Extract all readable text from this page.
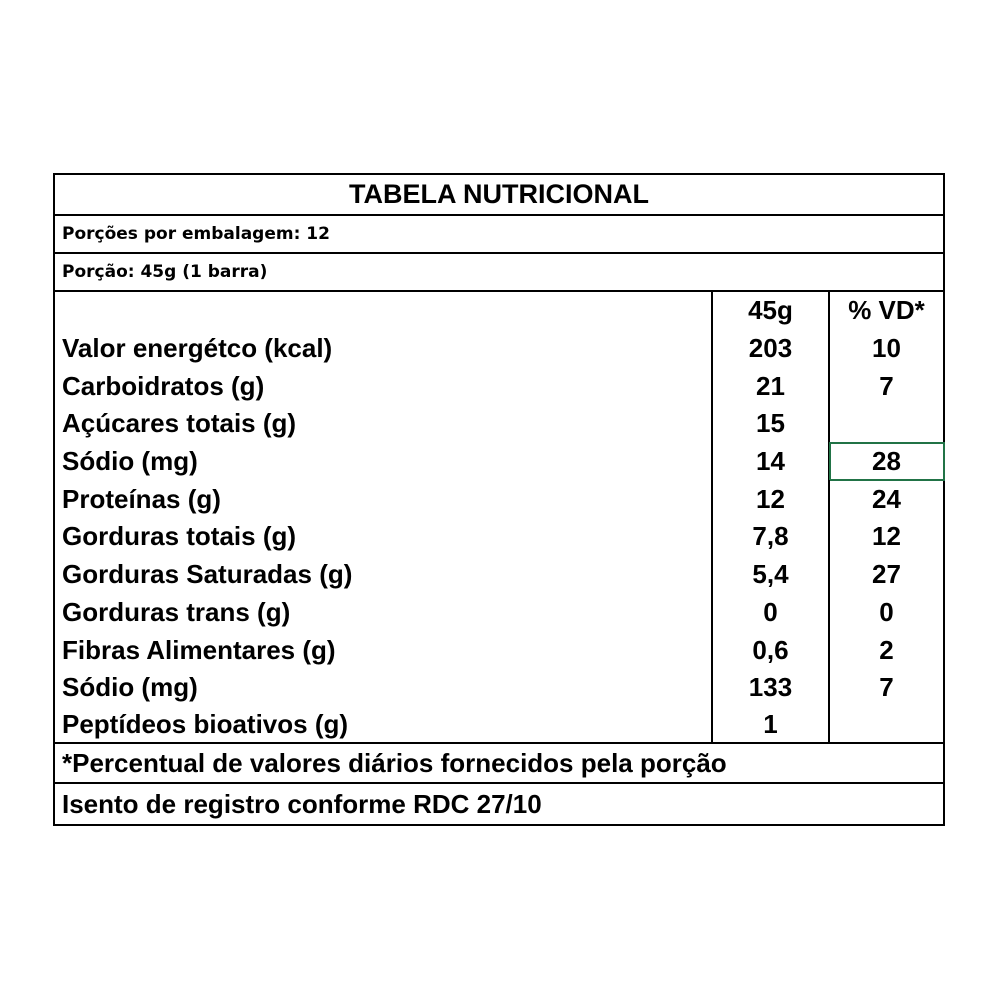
TABELA NUTRICIONAL
Porções por embalagem: 12
Porção: 45g (1 barra)
45g	% VD*
Valor energétco (kcal)	203	10
Carboidratos (g)	21	7
Açúcares totais (g)	15
Sódio (mg)	14	28
Proteínas (g)	12	24
Gorduras totais (g)	7,8	12
Gorduras Saturadas (g)	5,4	27
Gorduras trans (g)	0	0
Fibras Alimentares (g)	0,6	2
Sódio (mg)	133	7
Peptídeos bioativos (g)	1
*Percentual de valores diários fornecidos pela porção
Isento de registro conforme RDC 27/10
